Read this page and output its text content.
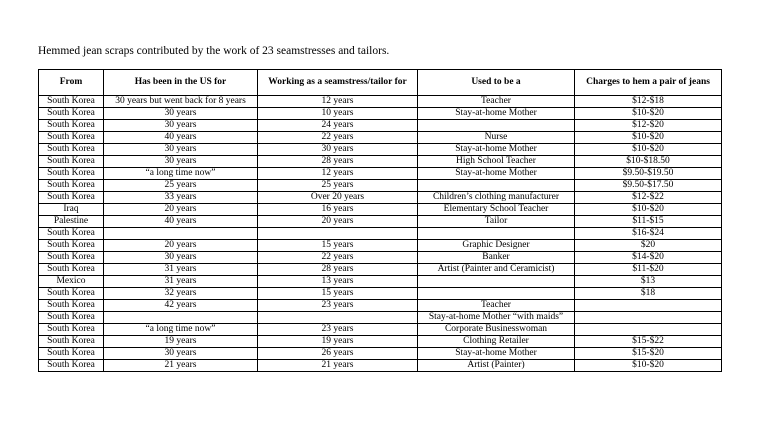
Hemmed jean scraps contributed by the work of 23 seamstresses and tailors.
From	Has been in the US for	Working as a seamstress/tailor for	Used to be a	Charges to hem a pair of jeans
South Korea	30 years but went back for 8 years	12 years	Teacher	$12-$18
South Korea	30 years	10 years	Stay-at-home Mother	$10-$20
South Korea	30 years	24 years		$12-$20
South Korea	40 years	22 years	Nurse	$10-$20
South Korea	30 years	30 years	Stay-at-home Mother	$10-$20
South Korea	30 years	28 years	High School Teacher	$10-$18.50
South Korea	“a long time now”	12 years	Stay-at-home Mother	$9.50-$19.50
South Korea	25 years	25 years		$9.50-$17.50
South Korea	33 years	Over 20 years	Children’s clothing manufacturer	$12-$22
Iraq	20 years	16 years	Elementary School Teacher	$10-$20
Palestine	40 years	20 years	Tailor	$11-$15
South Korea				$16-$24
South Korea	20 years	15 years	Graphic Designer	$20
South Korea	30 years	22 years	Banker	$14-$20
South Korea	31 years	28 years	Artist (Painter and Ceramicist)	$11-$20
Mexico	31 years	13 years		$13
South Korea	32 years	15 years		$18
South Korea	42 years	23 years	Teacher	
South Korea			Stay-at-home Mother “with maids”	
South Korea	“a long time now”	23 years	Corporate Businesswoman	
South Korea	19 years	19 years	Clothing Retailer	$15-$22
South Korea	30 years	26 years	Stay-at-home Mother	$15-$20
South Korea	21 years	21 years	Artist (Painter)	$10-$20
